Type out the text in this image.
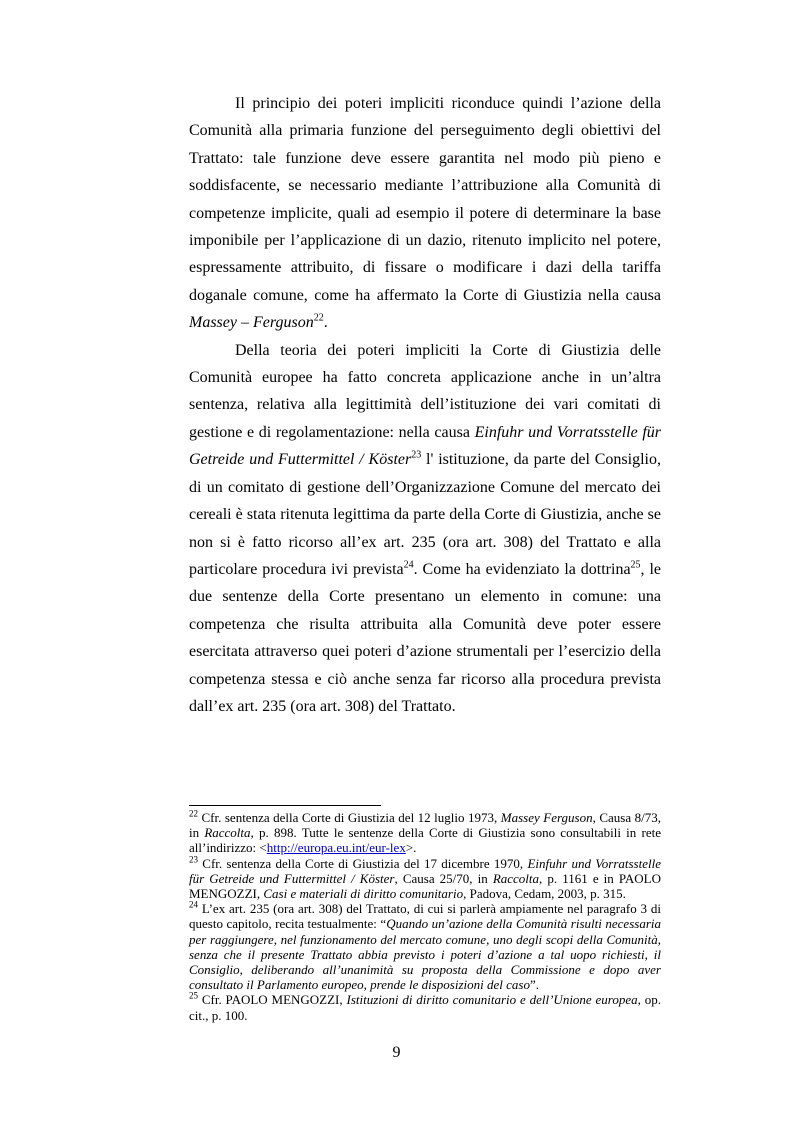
Il principio dei poteri impliciti riconduce quindi l’azione della Comunità alla primaria funzione del perseguimento degli obiettivi del Trattato: tale funzione deve essere garantita nel modo più pieno e soddisfacente, se necessario mediante l’attribuzione alla Comunità di competenze implicite, quali ad esempio il potere di determinare la base imponibile per l’applicazione di un dazio, ritenuto implicito nel potere, espressamente attribuito, di fissare o modificare i dazi della tariffa doganale comune, come ha affermato la Corte di Giustizia nella causa Massey – Ferguson$^{22}$.

Della teoria dei poteri impliciti la Corte di Giustizia delle Comunità europee ha fatto concreta applicazione anche in un’altra sentenza, relativa alla legittimità dell’istituzione dei vari comitati di gestione e di regolamentazione: nella causa Einfuhr und Vorratsstelle für Getreide und Futtermittel / Köster$^{23}$ l' istituzione, da parte del Consiglio, di un comitato di gestione dell’Organizzazione Comune del mercato dei cereali è stata ritenuta legittima da parte della Corte di Giustizia, anche se non si è fatto ricorso all’ex art. 235 (ora art. 308) del Trattato e alla particolare procedura ivi prevista$^{24}$. Come ha evidenziato la dottrina$^{25}$, le due sentenze della Corte presentano un elemento in comune: una competenza che risulta attribuita alla Comunità deve poter essere esercitata attraverso quei poteri d’azione strumentali per l’esercizio della competenza stessa e ciò anche senza far ricorso alla procedura prevista dall’ex art. 235 (ora art. 308) del Trattato.

$^{22}$ Cfr. sentenza della Corte di Giustizia del 12 luglio 1973, Massey Ferguson, Causa 8/73, in Raccolta, p. 898. Tutte le sentenze della Corte di Giustizia sono consultabili in rete all’indirizzo: <http://europa.eu.int/eur-lex>.

$^{23}$ Cfr. sentenza della Corte di Giustizia del 17 dicembre 1970, Einfuhr und Vorratsstelle für Getreide und Futtermittel / Köster, Causa 25/70, in Raccolta, p. 1161 e in PAOLO MENGOZZI, Casi e materiali di diritto comunitario, Padova, Cedam, 2003, p. 315.

$^{24}$ L’ex art. 235 (ora art. 308) del Trattato, di cui si parlerà ampiamente nel paragrafo 3 di questo capitolo, recita testualmente: “Quando un’azione della Comunità risulti necessaria per raggiungere, nel funzionamento del mercato comune, uno degli scopi della Comunità, senza che il presente Trattato abbia previsto i poteri d’azione a tal uopo richiesti, il Consiglio, deliberando all’unanimità su proposta della Commissione e dopo aver consultato il Parlamento europeo, prende le disposizioni del caso”.

$^{25}$ Cfr. PAOLO MENGOZZI, Istituzioni di diritto comunitario e dell’Unione europea, op. cit., p. 100.

9
